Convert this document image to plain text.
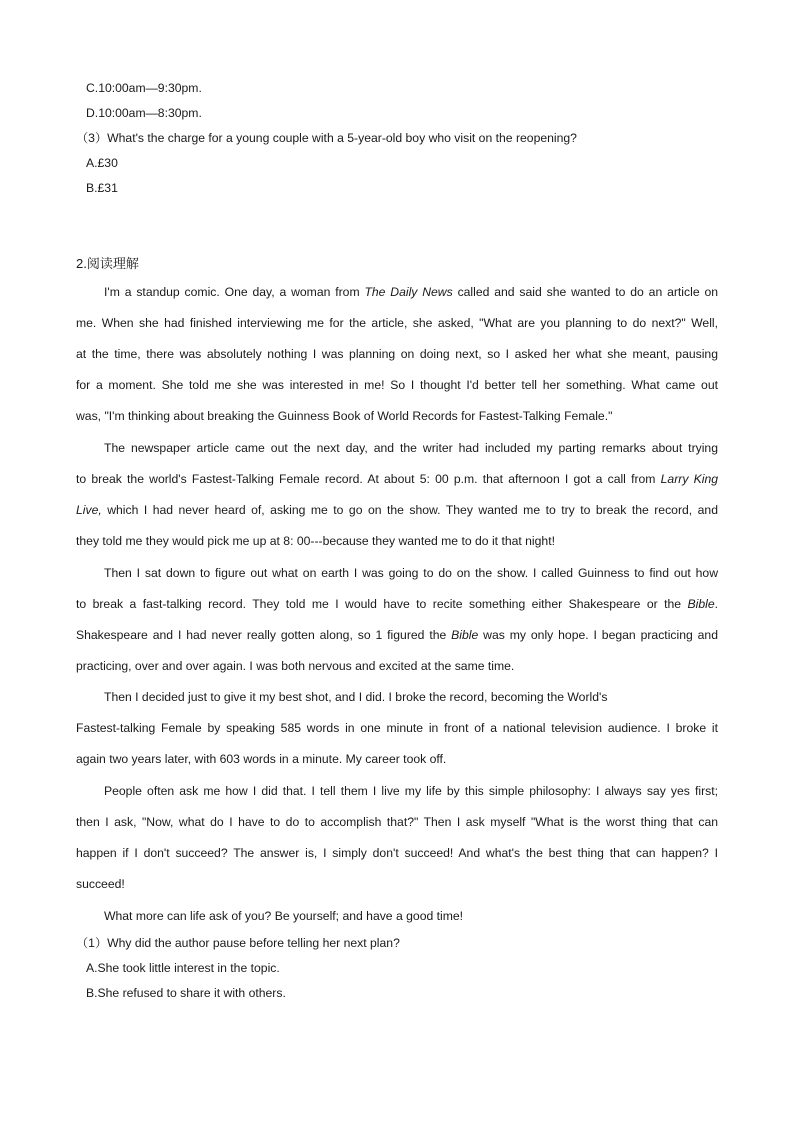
C.10:00am—9:30pm.
D.10:00am—8:30pm.
（3）What's the charge for a young couple with a 5-year-old boy who visit on the reopening?
A.£30
B.£31
2.阅读理解
I'm a standup comic. One day, a woman from The Daily News called and said she wanted to do an article on
me. When she had finished interviewing me for the article, she asked, "What are you planning to do next?" Well,
at the time, there was absolutely nothing I was planning on doing next, so I asked her what she meant, pausing
for a moment. She told me she was interested in me! So I thought I'd better tell her something. What came out
was, "I'm thinking about breaking the Guinness Book of World Records for Fastest-Talking Female."
The newspaper article came out the next day, and the writer had included my parting remarks about trying
to break the world's Fastest-Talking Female record. At about 5: 00 p.m. that afternoon I got a call from Larry King
Live, which I had never heard of, asking me to go on the show. They wanted me to try to break the record, and
they told me they would pick me up at 8: 00---because they wanted me to do it that night!
Then I sat down to figure out what on earth I was going to do on the show. I called Guinness to find out how
to break a fast-talking record. They told me I would have to recite something either Shakespeare or the Bible.
Shakespeare and I had never really gotten along, so 1 figured the Bible was my only hope. I began practicing and
practicing, over and over again. I was both nervous and excited at the same time.
Then I decided just to give it my best shot, and I did. I broke the record, becoming the World's
Fastest-talking Female by speaking 585 words in one minute in front of a national television audience. I broke it
again two years later, with 603 words in a minute. My career took off.
People often ask me how I did that. I tell them I live my life by this simple philosophy: I always say yes first;
then I ask, "Now, what do I have to do to accomplish that?" Then I ask myself "What is the worst thing that can
happen if I don't succeed? The answer is, I simply don't succeed! And what's the best thing that can happen? I
succeed!
What more can life ask of you? Be yourself; and have a good time!
（1）Why did the author pause before telling her next plan?
A.She took little interest in the topic.
B.She refused to share it with others.
